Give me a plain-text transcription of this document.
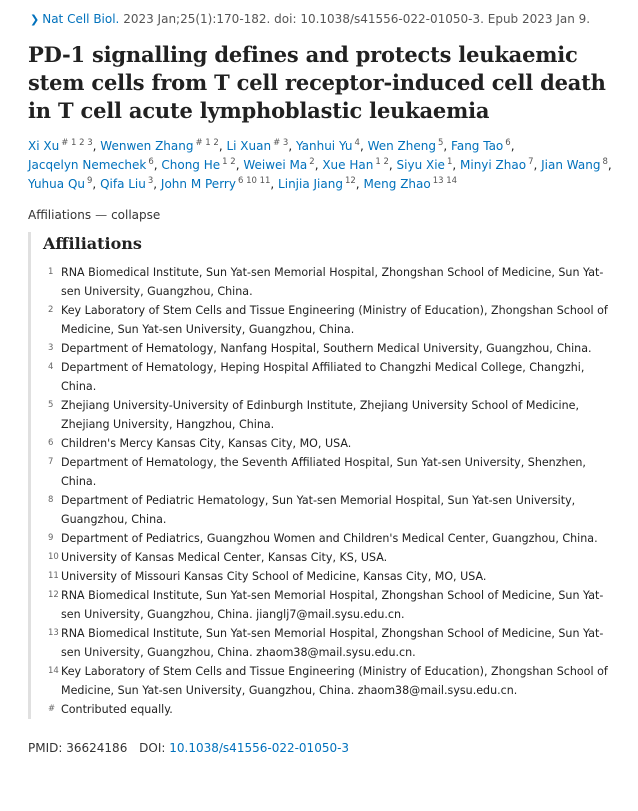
❯ Nat Cell Biol. 2023 Jan;25(1):170-182. doi: 10.1038/s41556-022-01050-3. Epub 2023 Jan 9.
PD-1 signalling defines and protects leukaemic stem cells from T cell receptor-induced cell death in T cell acute lymphoblastic leukaemia
Xi Xu $^{\# 1 2 3}$, Wenwen Zhang $^{\# 1 2}$, Li Xuan $^{\# 3}$, Yanhui Yu $^4$, Wen Zheng $^5$, Fang Tao $^6$, Jacqelyn Nemechek $^6$, Chong He $^{1 2}$, Weiwei Ma $^2$, Xue Han $^{1 2}$, Siyu Xie $^1$, Minyi Zhao $^7$, Jian Wang $^8$, Yuhua Qu $^9$, Qifa Liu $^3$, John M Perry $^{6 10 11}$, Linjia Jiang $^{12}$, Meng Zhao $^{13 14}$
Affiliations — collapse
Affiliations
1 RNA Biomedical Institute, Sun Yat-sen Memorial Hospital, Zhongshan School of Medicine, Sun Yat-sen University, Guangzhou, China.
2 Key Laboratory of Stem Cells and Tissue Engineering (Ministry of Education), Zhongshan School of Medicine, Sun Yat-sen University, Guangzhou, China.
3 Department of Hematology, Nanfang Hospital, Southern Medical University, Guangzhou, China.
4 Department of Hematology, Heping Hospital Affiliated to Changzhi Medical College, Changzhi, China.
5 Zhejiang University-University of Edinburgh Institute, Zhejiang University School of Medicine, Zhejiang University, Hangzhou, China.
6 Children's Mercy Kansas City, Kansas City, MO, USA.
7 Department of Hematology, the Seventh Affiliated Hospital, Sun Yat-sen University, Shenzhen, China.
8 Department of Pediatric Hematology, Sun Yat-sen Memorial Hospital, Sun Yat-sen University, Guangzhou, China.
9 Department of Pediatrics, Guangzhou Women and Children's Medical Center, Guangzhou, China.
10 University of Kansas Medical Center, Kansas City, KS, USA.
11 University of Missouri Kansas City School of Medicine, Kansas City, MO, USA.
12 RNA Biomedical Institute, Sun Yat-sen Memorial Hospital, Zhongshan School of Medicine, Sun Yat-sen University, Guangzhou, China. jianglj7@mail.sysu.edu.cn.
13 RNA Biomedical Institute, Sun Yat-sen Memorial Hospital, Zhongshan School of Medicine, Sun Yat-sen University, Guangzhou, China. zhaom38@mail.sysu.edu.cn.
14 Key Laboratory of Stem Cells and Tissue Engineering (Ministry of Education), Zhongshan School of Medicine, Sun Yat-sen University, Guangzhou, China. zhaom38@mail.sysu.edu.cn.
# Contributed equally.
PMID: 36624186 DOI: 10.1038/s41556-022-01050-3
